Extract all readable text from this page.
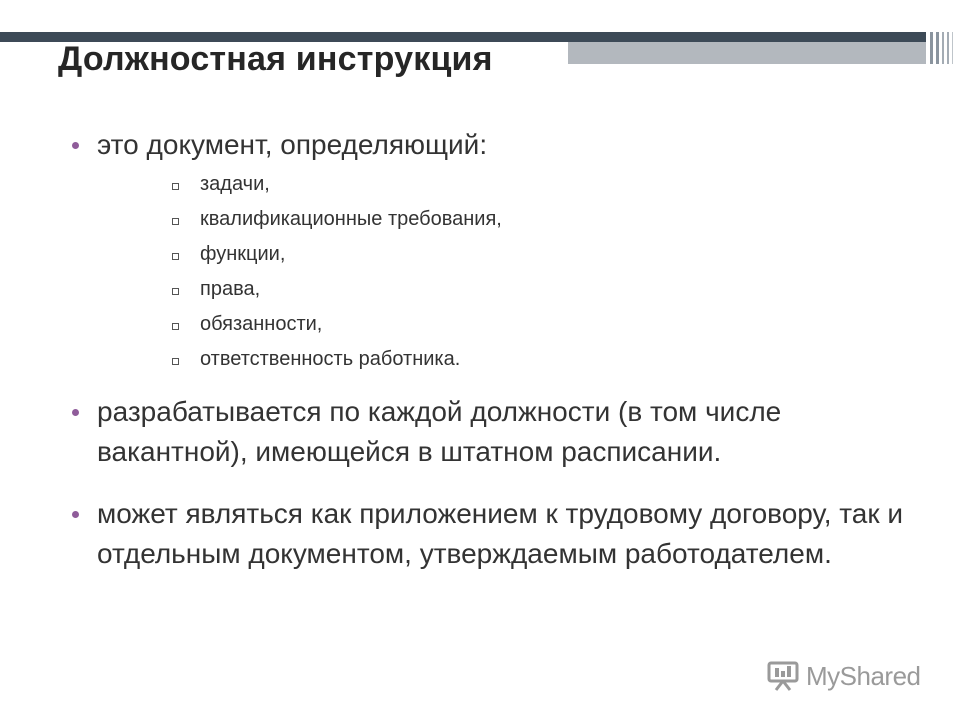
Должностная инструкция
это документ, определяющий:
задачи,
квалификационные требования,
функции,
права,
обязанности,
ответственность работника.
разрабатывается по каждой должности (в том числе вакантной), имеющейся в штатном расписании.
может являться как приложением к трудовому договору, так и отдельным документом, утверждаемым работодателем.
MyShared
